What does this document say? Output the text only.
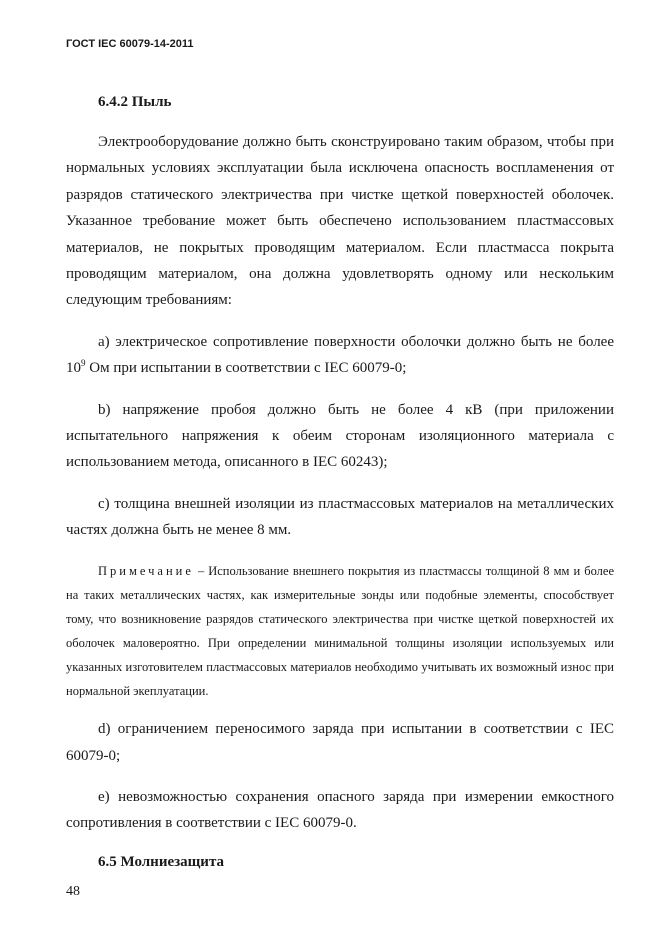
ГОСТ IEC 60079-14-2011
6.4.2 Пыль

Электрооборудование должно быть сконструировано таким образом, чтобы при нормальных условиях эксплуатации была исключена опасность воспламенения от разрядов статического электричества при чистке щеткой поверхностей оболочек. Указанное требование может быть обеспечено использованием пластмассовых материалов, не покрытых проводящим материалом. Если пластмасса покрыта проводящим материалом, она должна удовлетворять одному или нескольким следующим требованиям:

а) электрическое сопротивление поверхности оболочки должно быть не более $10^9$ Ом при испытании в соответствии с IEC 60079-0;

b) напряжение пробоя должно быть не более 4 кВ (при приложении испытательного напряжения к обеим сторонам изоляционного материала с использованием метода, описанного в IEC 60243);

с) толщина внешней изоляции из пластмассовых материалов на металлических частях должна быть не менее 8 мм.

Примечание – Использование внешнего покрытия из пластмассы толщиной 8 мм и более на таких металлических частях, как измерительные зонды или подобные элементы, способствует тому, что возникновение разрядов статического электричества при чистке щеткой поверхностей их оболочек маловероятно. При определении минимальной толщины изоляции используемых или указанных изготовителем пластмассовых материалов необходимо учитывать их возможный износ при нормальной экеплуатации.

d) ограничением переносимого заряда при испытании в соответствии с IEC 60079-0;

е) невозможностью сохранения опасного заряда при измерении емкостного сопротивления в соответствии с IEC 60079-0.

6.5 Молниезащита
48
